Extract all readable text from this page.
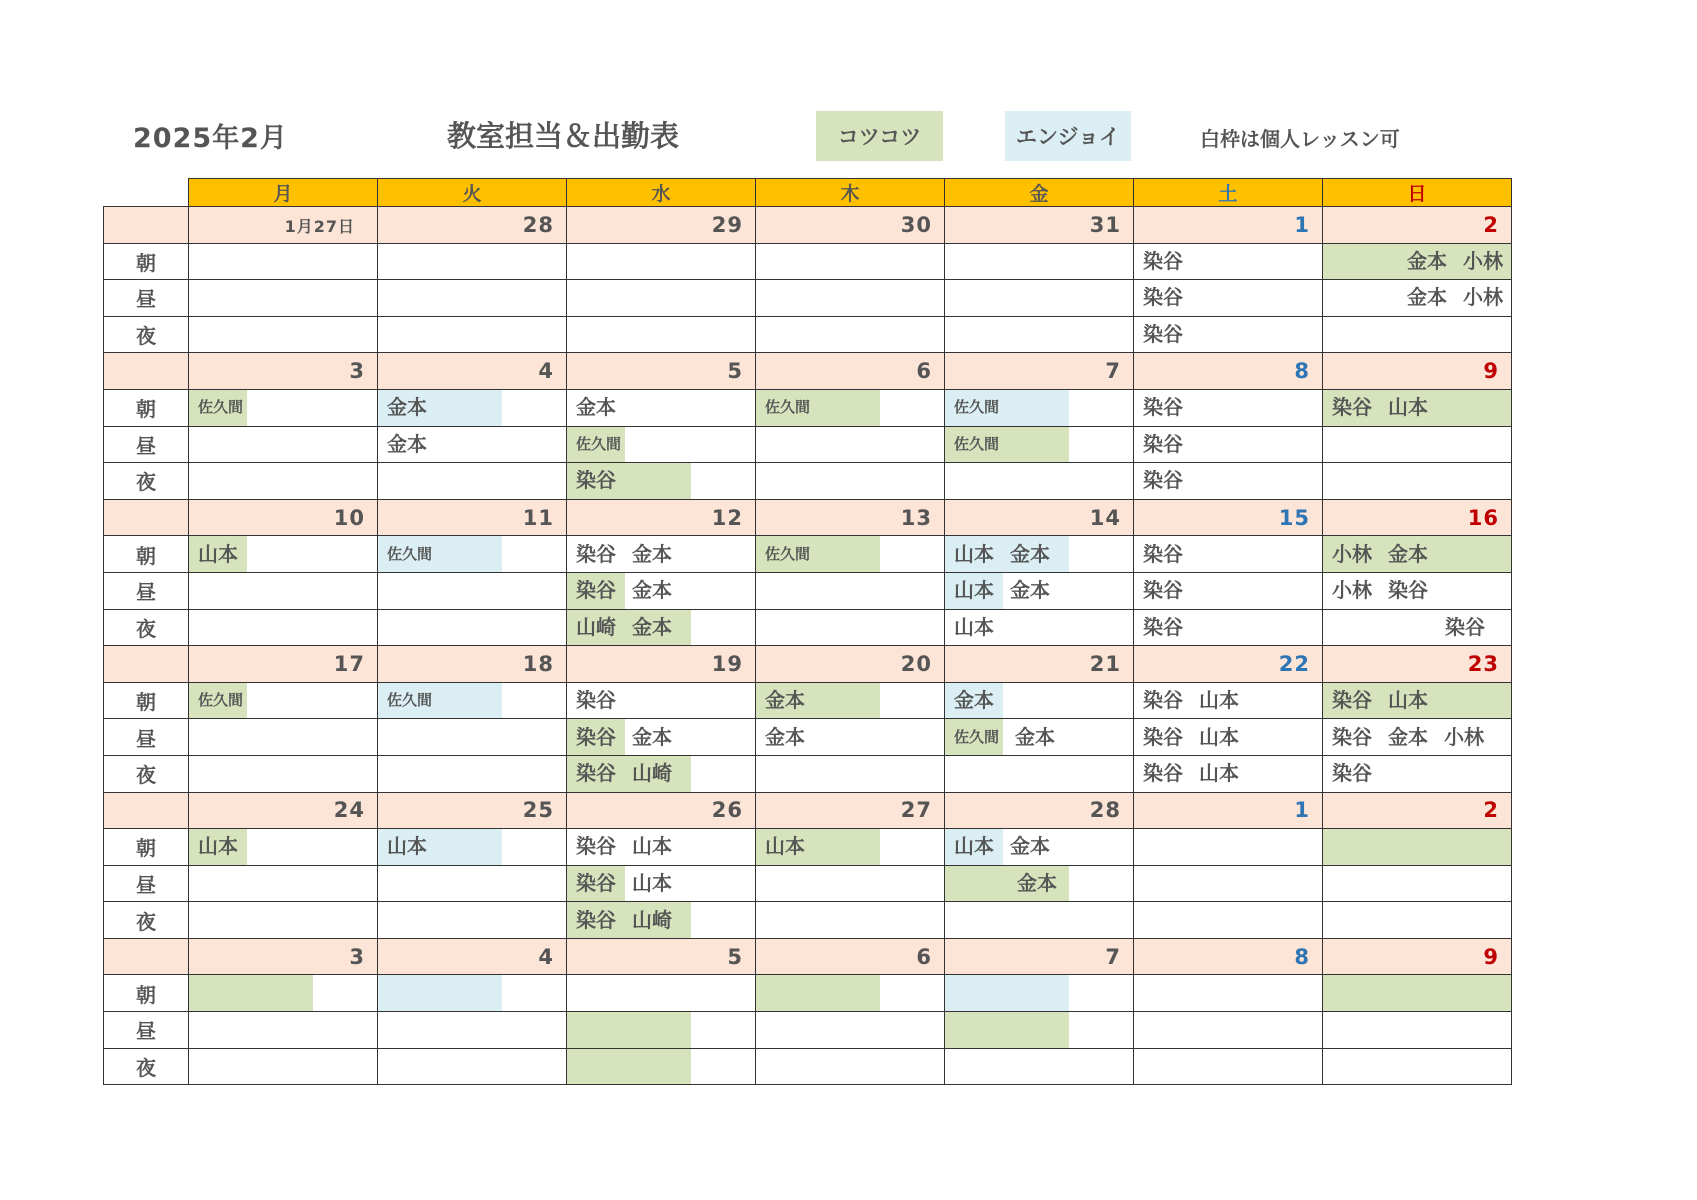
2025年2月	教室担当＆出勤表	コツコツ	エンジョイ	白枠は個人レッスン可
	月	火	水	木	金	土	日
	1月27日	28	29	30	31	1	2
朝						染谷	金本 小林

昼						染谷	金本 小林

夜						染谷	

	3	4	5	6	7	8	9
朝	佐久間	金本	金本	佐久間	佐久間	染谷	染谷 山本

昼		金本	佐久間		佐久間	染谷	

夜			染谷			染谷	

	10	11	12	13	14	15	16
朝	山本	佐久間	染谷 金本	佐久間	山本 金本	染谷	小林 金本

昼			染谷 金本		山本 金本	染谷	小林 染谷

夜			山崎 金本		山本	染谷	染谷

	17	18	19	20	21	22	23
朝	佐久間	佐久間	染谷	金本	金本	染谷 山本	染谷 山本

昼			染谷 金本	金本	佐久間 金本	染谷 山本	染谷 金本 小林

夜			染谷 山崎			染谷 山本	染谷

	24	25	26	27	28	1	2
朝	山本	山本	染谷 山本	山本	山本 金本		

昼			染谷 山本		金本		

夜			染谷 山崎				

	3	4	5	6	7	8	9
朝	

昼			

夜			
